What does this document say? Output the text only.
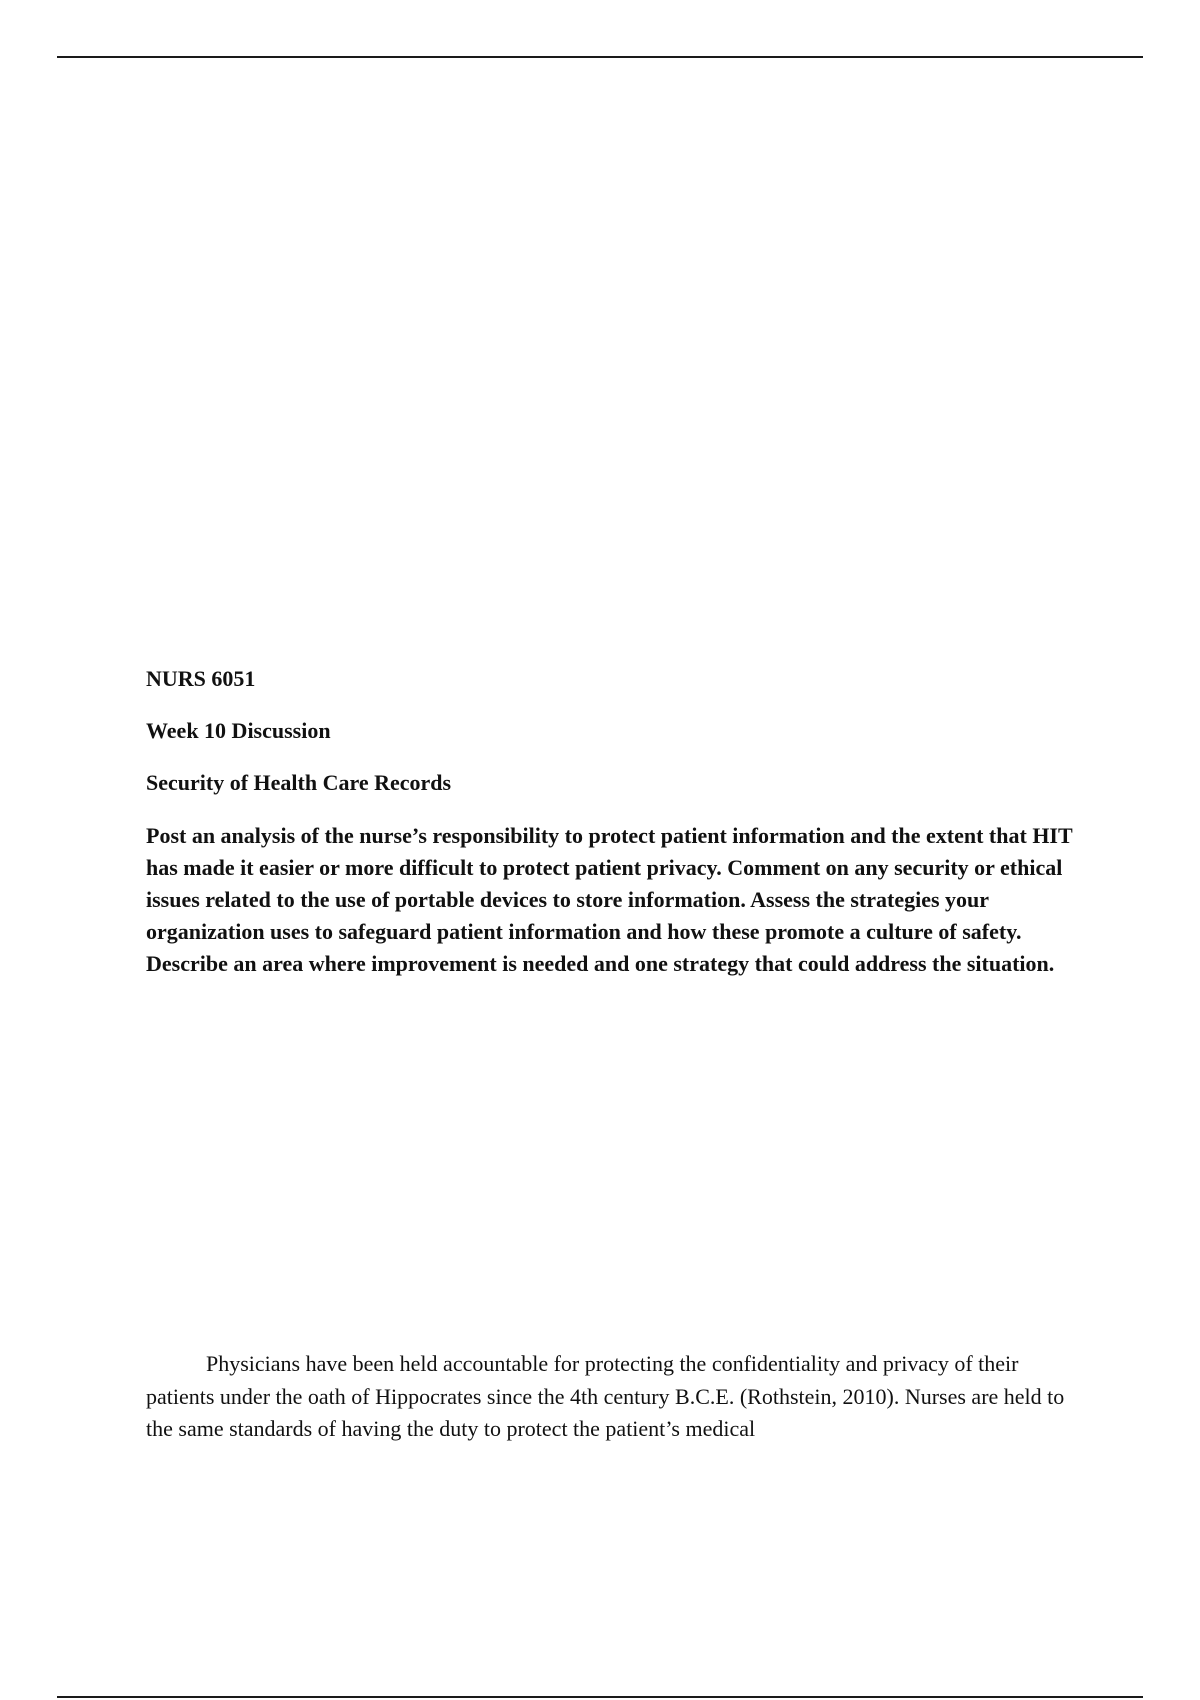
NURS 6051

Week 10 Discussion

Security of Health Care Records

Post an analysis of the nurse’s responsibility to protect patient information and the extent that HIT has made it easier or more difficult to protect patient privacy. Comment on any security or ethical issues related to the use of portable devices to store information. Assess the strategies your organization uses to safeguard patient information and how these promote a culture of safety. Describe an area where improvement is needed and one strategy that could address the situation.

Physicians have been held accountable for protecting the confidentiality and privacy of their patients under the oath of Hippocrates since the 4th century B.C.E. (Rothstein, 2010). Nurses are held to the same standards of having the duty to protect the patient’s medical
